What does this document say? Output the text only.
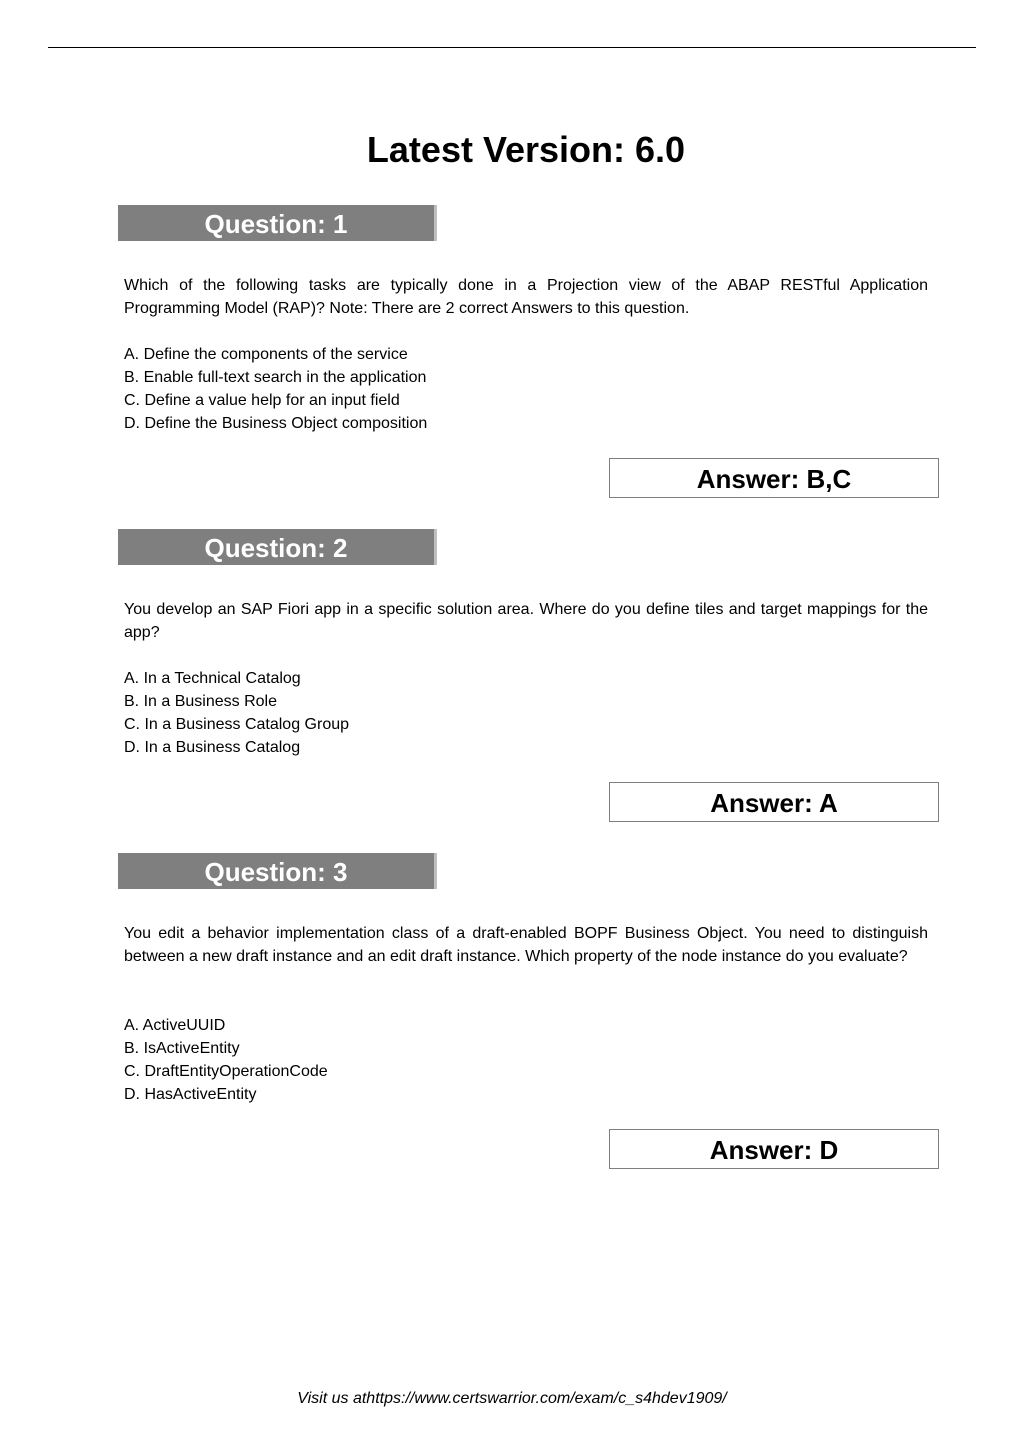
Latest Version: 6.0
Question: 1

Which of the following tasks are typically done in a Projection view of the ABAP RESTful Application Programming Model (RAP)? Note: There are 2 correct Answers to this question.

A. Define the components of the service
B. Enable full-text search in the application
C. Define a value help for an input field
D. Define the Business Object composition
Answer: B,C
Question: 2

You develop an SAP Fiori app in a specific solution area. Where do you define tiles and target mappings for the app?

A. In a Technical Catalog
B. In a Business Role
C. In a Business Catalog Group
D. In a Business Catalog
Answer: A
Question: 3

You edit a behavior implementation class of a draft-enabled BOPF Business Object. You need to distinguish between a new draft instance and an edit draft instance. Which property of the node instance do you evaluate?

A. ActiveUUID
B. IsActiveEntity
C. DraftEntityOperationCode
D. HasActiveEntity
Answer: D
Visit us athttps://www.certswarrior.com/exam/c_s4hdev1909/
